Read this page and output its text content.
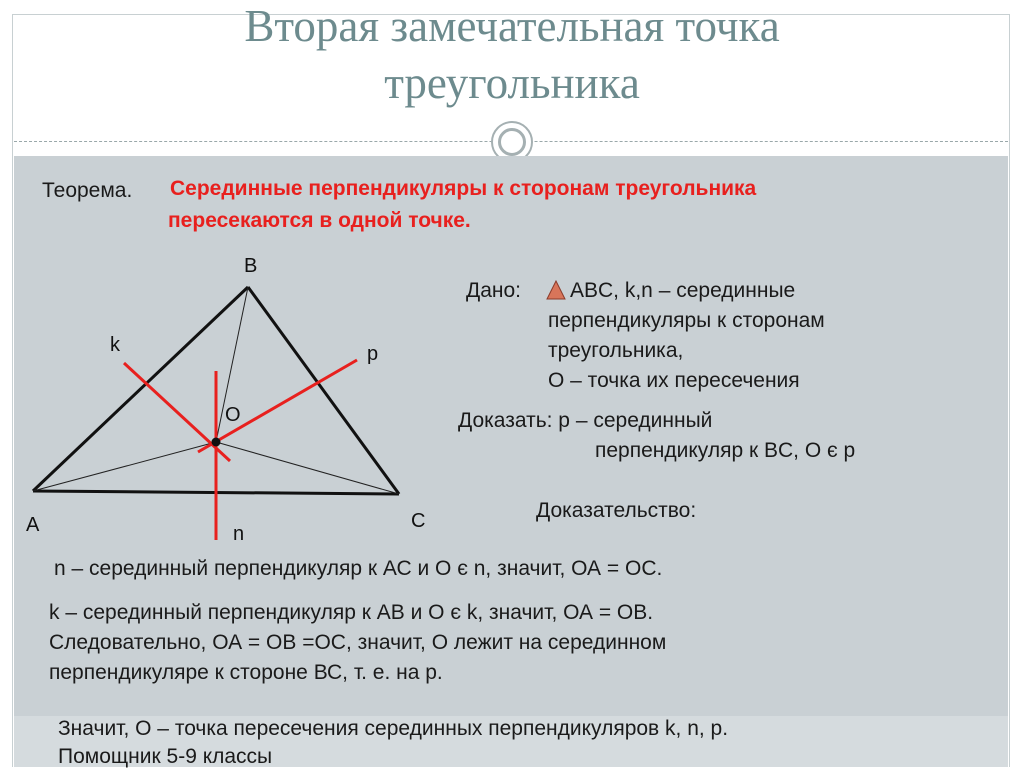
Вторая замечательная точка
треугольника
Теорема. Серединные перпендикуляры к сторонам треугольника
пересекаются в одной точке.
B
A	C
O
k
n
p
Дано: ABC, k,n – серединные
перпендикуляры к сторонам
треугольника,
O – точка их пересечения
Доказать: p – серединный
перпендикуляр к BC, O є p
Доказательство:
n – серединный перпендикуляр к АС и О є n, значит, ОА = ОС.
k – серединный перпендикуляр к АВ и О є k, значит, ОА = ОВ.
Следовательно, ОА = ОВ =ОС, значит, О лежит на серединном
перпендикуляре к стороне ВС, т. е. на р.
Значит, О – точка пересечения серединных перпендикуляров k, n, р.
Помощник 5-9 классы
